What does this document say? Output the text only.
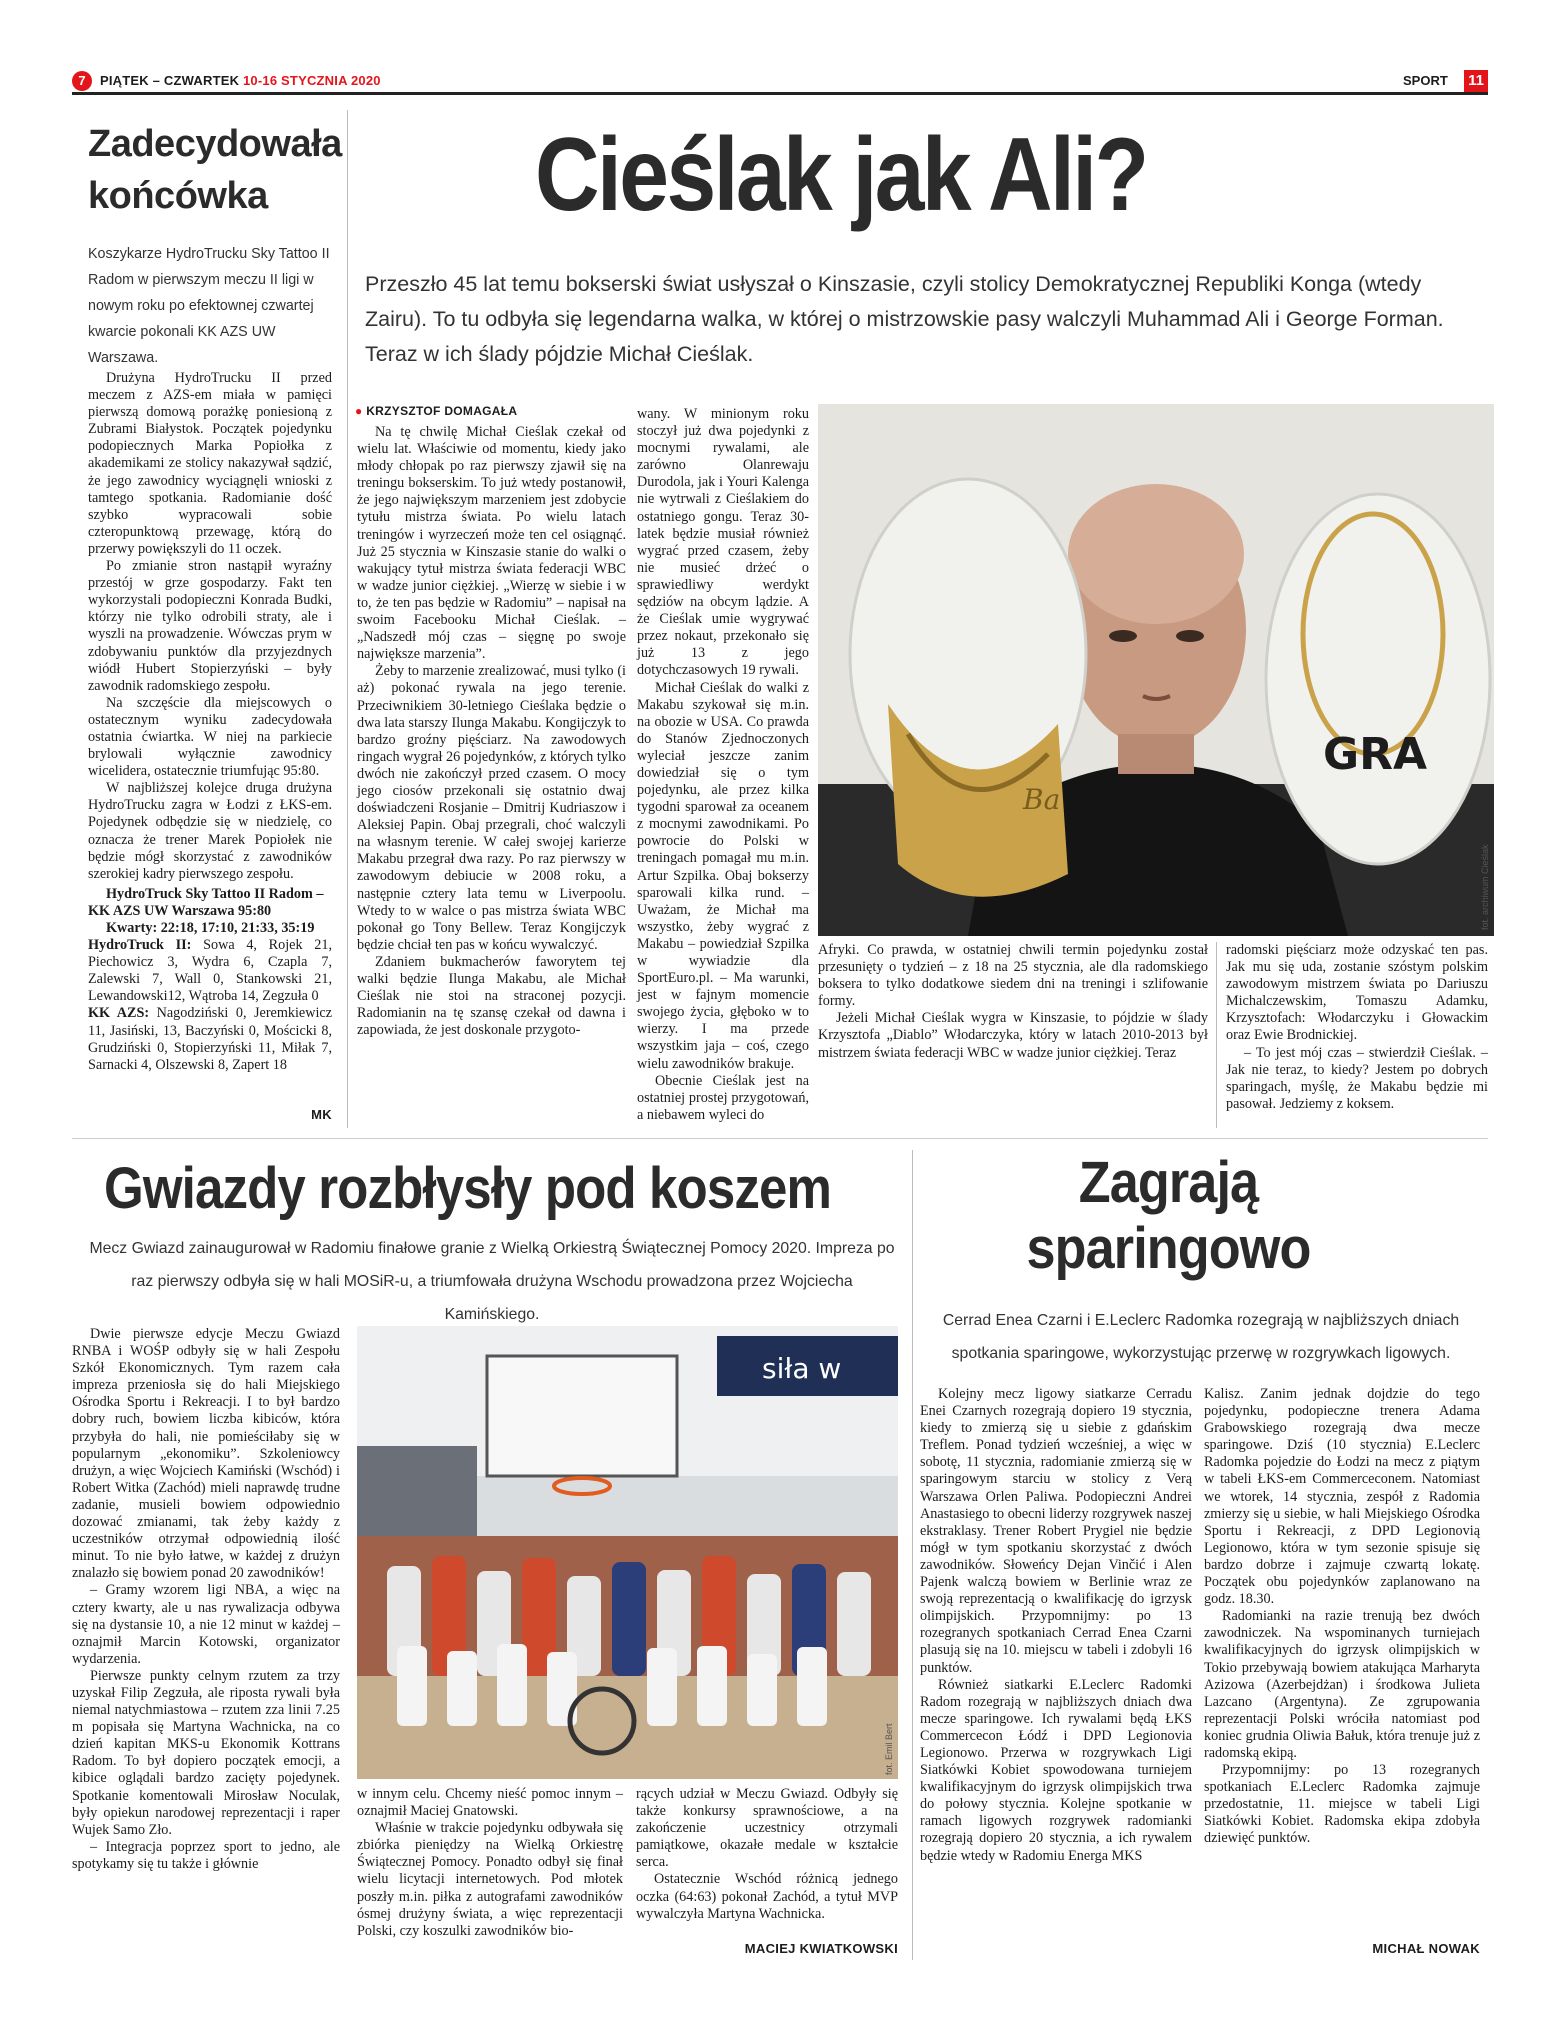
7	PIĄTEK – CZWARTEK 10-16 STYCZNIA 2020	SPORT 11
Zadecydowała końcówka
Koszykarze HydroTrucku Sky Tattoo II Radom w pierwszym meczu II ligi w nowym roku po efektownej czwartej kwarcie pokonali KK AZS UW Warszawa.

Drużyna HydroTrucku II przed meczem z AZS-em miała w pamięci pierwszą domową porażkę poniesioną z Zubrami Białystok. Początek pojedynku podopiecznych Marka Popiołka z akademikami ze stolicy nakazywał sądzić, że jego zawodnicy wyciągnęli wnioski z tamtego spotkania. Radomianie dość szybko wypracowali sobie czteropunktową przewagę, którą do przerwy powiększyli do 11 oczek.

Po zmianie stron nastąpił wyraźny przestój w grze gospodarzy. Fakt ten wykorzystali podopieczni Konrada Budki, którzy nie tylko odrobili straty, ale i wyszli na prowadzenie. Wówczas prym w zdobywaniu punktów dla przyjezdnych wiódł Hubert Stopierzyński – były zawodnik radomskiego zespołu.

Na szczęście dla miejscowych o ostatecznym wyniku zadecydowała ostatnia ćwiartka. W niej na parkiecie brylowali wyłącznie zawodnicy wicelidera, ostatecznie triumfując 95:80.

W najbliższej kolejce druga drużyna HydroTrucku zagra w Łodzi z ŁKS-em. Pojedynek odbędzie się w niedzielę, co oznacza że trener Marek Popiołek nie będzie mógł skorzystać z zawodników szerokiej kadry pierwszego zespołu.

HydroTruck Sky Tattoo II Radom – KK AZS UW Warszawa 95:80

Kwarty: 22:18, 17:10, 21:33, 35:19

HydroTruck II: Sowa 4, Rojek 21, Piechowicz 3, Wydra 6, Czapla 7, Zalewski 7, Wall 0, Stankowski 21, Lewandowski12, Wątroba 14, Zegzuła 0

KK AZS: Nagodziński 0, Jeremkiewicz 11, Jasiński, 13, Baczyński 0, Mościcki 8, Grudziński 0, Stopierzyński 11, Miłak 7, Sarnacki 4, Olszewski 8, Zapert 18

MK
Cieślak jak Ali?
Przeszło 45 lat temu bokserski świat usłyszał o Kinszasie, czyli stolicy Demokratycznej Republiki Konga (wtedy Zairu). To tu odbyła się legendarna walka, w której o mistrzowskie pasy walczyli Muhammad Ali i George Forman. Teraz w ich ślady pójdzie Michał Cieślak.
● KRZYSZTOF DOMAGAŁA

Na tę chwilę Michał Cieślak czekał od wielu lat. Właściwie od momentu, kiedy jako młody chłopak po raz pierwszy zjawił się na treningu bokserskim. To już wtedy postanowił, że jego największym marzeniem jest zdobycie tytułu mistrza świata. Po wielu latach treningów i wyrzeczeń może ten cel osiągnąć. Już 25 stycznia w Kinszasie stanie do walki o wakujący tytuł mistrza świata federacji WBC w wadze junior ciężkiej. „Wierzę w siebie i w to, że ten pas będzie w Radomiu” – napisał na swoim Facebooku Michał Cieślak. – „Nadszedł mój czas – sięgnę po swoje największe marzenia”.

Żeby to marzenie zrealizować, musi tylko (i aż) pokonać rywala na jego terenie. Przeciwnikiem 30-letniego Cieślaka będzie o dwa lata starszy Ilunga Makabu. Kongijczyk to bardzo groźny pięściarz. Na zawodowych ringach wygrał 26 pojedynków, z których tylko dwóch nie zakończył przed czasem. O mocy jego ciosów przekonali się ostatnio dwaj doświadczeni Rosjanie – Dmitrij Kudriaszow i Aleksiej Papin. Obaj przegrali, choć walczyli na własnym terenie. W całej swojej karierze Makabu przegrał dwa razy. Po raz pierwszy w zawodowym debiucie w 2008 roku, a następnie cztery lata temu w Liverpoolu. Wtedy to w walce o pas mistrza świata WBC pokonał go Tony Bellew. Teraz Kongijczyk będzie chciał ten pas w końcu wywalczyć.

Zdaniem bukmacherów faworytem tej walki będzie Ilunga Makabu, ale Michał Cieślak nie stoi na straconej pozycji. Radomianin na tę szansę czekał od dawna i zapowiada, że jest doskonale przygoto-

wany. W minionym roku stoczył już dwa pojedynki z mocnymi rywalami, ale zarówno Olanrewaju Durodola, jak i Youri Kalenga nie wytrwali z Cieślakiem do ostatniego gongu. Teraz 30-latek będzie musiał również wygrać przed czasem, żeby nie musieć drżeć o sprawiedliwy werdykt sędziów na obcym lądzie. A że Cieślak umie wygrywać przez nokaut, przekonało się już 13 z jego dotychczasowych 19 rywali.

Michał Cieślak do walki z Makabu szykował się m.in. na obozie w USA. Co prawda do Stanów Zjednoczonych wyleciał jeszcze zanim dowiedział się o tym pojedynku, ale przez kilka tygodni sparował za oceanem z mocnymi zawodnikami. Po powrocie do Polski w treningach pomagał mu m.in. Artur Szpilka. Obaj bokserzy sparowali kilka rund. – Uważam, że Michał ma wszystko, żeby wygrać z Makabu – powiedział Szpilka w wywiadzie dla SportEuro.pl. – Ma warunki, jest w fajnym momencie swojego życia, głęboko w to wierzy. I ma przede wszystkim jaja – coś, czego wielu zawodników brakuje.

Obecnie Cieślak jest na ostatniej prostej przygotowań, a niebawem wyleci do

Afryki. Co prawda, w ostatniej chwili termin pojedynku został przesunięty o tydzień – z 18 na 25 stycznia, ale dla radomskiego boksera to tylko dodatkowe siedem dni na treningi i szlifowanie formy.

Jeżeli Michał Cieślak wygra w Kinszasie, to pójdzie w ślady Krzysztofa „Diablo” Włodarczyka, który w latach 2010-2013 był mistrzem świata federacji WBC w wadze junior ciężkiej. Teraz

radomski pięściarz może odzyskać ten pas. Jak mu się uda, zostanie szóstym polskim zawodowym mistrzem świata po Dariuszu Michalczewskim, Tomaszu Adamku, Krzysztofach: Włodarczyku i Głowackim oraz Ewie Brodnickiej.

– To jest mój czas – stwierdził Cieślak. – Jak nie teraz, to kiedy? Jestem po dobrych sparingach, myślę, że Makabu będzie mi pasował. Jedziemy z koksem.

Ba
GRA
fot. archiwum Cieślak
Gwiazdy rozbłysły pod koszem
Mecz Gwiazd zainaugurował w Radomiu finałowe granie z Wielką Orkiestrą Świątecznej Pomocy 2020. Impreza po raz pierwszy odbyła się w hali MOSiR-u, a triumfowała drużyna Wschodu prowadzona przez Wojciecha Kamińskiego.

Dwie pierwsze edycje Meczu Gwiazd RNBA i WOŚP odbyły się w hali Zespołu Szkół Ekonomicznych. Tym razem cała impreza przeniosła się do hali Miejskiego Ośrodka Sportu i Rekreacji. I to był bardzo dobry ruch, bowiem liczba kibiców, która przybyła do hali, nie pomieściłaby się w popularnym „ekonomiku”. Szkoleniowcy drużyn, a więc Wojciech Kamiński (Wschód) i Robert Witka (Zachód) mieli naprawdę trudne zadanie, musieli bowiem odpowiednio dozować zmianami, tak żeby każdy z uczestników otrzymał odpowiednią ilość minut. To nie było łatwe, w każdej z drużyn znalazło się bowiem ponad 20 zawodników!

– Gramy wzorem ligi NBA, a więc na cztery kwarty, ale u nas rywalizacja odbywa się na dystansie 10, a nie 12 minut w każdej – oznajmił Marcin Kotowski, organizator wydarzenia.

Pierwsze punkty celnym rzutem za trzy uzyskał Filip Zegzuła, ale riposta rywali była niemal natychmiastowa – rzutem zza linii 7.25 m popisała się Martyna Wachnicka, na co dzień kapitan MKS-u Ekonomik Kottrans Radom. To był dopiero początek emocji, a kibice oglądali bardzo zacięty pojedynek. Spotkanie komentowali Mirosław Noculak, były opiekun narodowej reprezentacji i raper Wujek Samo Zło.

– Integracja poprzez sport to jedno, ale spotykamy się tu także i głównie

siła w
fot. Emil Bert

w innym celu. Chcemy nieść pomoc innym – oznajmił Maciej Gnatowski.

Właśnie w trakcie pojedynku odbywała się zbiórka pieniędzy na Wielką Orkiestrę Świątecznej Pomocy. Ponadto odbył się finał wielu licytacji internetowych. Pod młotek poszły m.in. piłka z autografami zawodników ósmej drużyny świata, a więc reprezentacji Polski, czy koszulki zawodników bio-

rących udział w Meczu Gwiazd. Odbyły się także konkursy sprawnościowe, a na zakończenie uczestnicy otrzymali pamiątkowe, okazałe medale w kształcie serca.

Ostatecznie Wschód różnicą jednego oczka (64:63) pokonał Zachód, a tytuł MVP wywalczyła Martyna Wachnicka.

MACIEJ KWIATKOWSKI
Zagrają sparingowo
Cerrad Enea Czarni i E.Leclerc Radomka rozegrają w najbliższych dniach spotkania sparingowe, wykorzystując przerwę w rozgrywkach ligowych.

Kolejny mecz ligowy siatkarze Cerradu Enei Czarnych rozegrają dopiero 19 stycznia, kiedy to zmierzą się u siebie z gdańskim Treflem. Ponad tydzień wcześniej, a więc w sobotę, 11 stycznia, radomianie zmierzą się w sparingowym starciu w stolicy z Verą Warszawa Orlen Paliwa. Podopieczni Andrei Anastasiego to obecni liderzy rozgrywek naszej ekstraklasy. Trener Robert Prygiel nie będzie mógł w tym spotkaniu skorzystać z dwóch zawodników. Słoweńcy Dejan Vinčić i Alen Pajenk walczą bowiem w Berlinie wraz ze swoją reprezentacją o kwalifikację do igrzysk olimpijskich. Przypomnijmy: po 13 rozegranych spotkaniach Cerrad Enea Czarni plasują się na 10. miejscu w tabeli i zdobyli 16 punktów.

Również siatkarki E.Leclerc Radomki Radom rozegrają w najbliższych dniach dwa mecze sparingowe. Ich rywalami będą ŁKS Commercecon Łódź i DPD Legionovia Legionowo. Przerwa w rozgrywkach Ligi Siatkówki Kobiet spowodowana turniejem kwalifikacyjnym do igrzysk olimpijskich trwa do połowy stycznia. Kolejne spotkanie w ramach ligowych rozgrywek radomianki rozegrają dopiero 20 stycznia, a ich rywalem będzie wtedy w Radomiu Energa MKS

Kalisz. Zanim jednak dojdzie do tego pojedynku, podopieczne trenera Adama Grabowskiego rozegrają dwa mecze sparingowe. Dziś (10 stycznia) E.Leclerc Radomka pojedzie do Łodzi na mecz z piątym w tabeli ŁKS-em Commerceconem. Natomiast we wtorek, 14 stycznia, zespół z Radomia zmierzy się u siebie, w hali Miejskiego Ośrodka Sportu i Rekreacji, z DPD Legionovią Legionowo, która w tym sezonie spisuje się bardzo dobrze i zajmuje czwartą lokatę. Początek obu pojedynków zaplanowano na godz. 18.30.

Radomianki na razie trenują bez dwóch zawodniczek. Na wspominanych turniejach kwalifikacyjnych do igrzysk olimpijskich w Tokio przebywają bowiem atakująca Marharyta Azizowa (Azerbejdżan) i środkowa Julieta Lazcano (Argentyna). Ze zgrupowania reprezentacji Polski wróciła natomiast pod koniec grudnia Oliwia Bałuk, która trenuje już z radomską ekipą.

Przypomnijmy: po 13 rozegranych spotkaniach E.Leclerc Radomka zajmuje przedostatnie, 11. miejsce w tabeli Ligi Siatkówki Kobiet. Radomska ekipa zdobyła dziewięć punktów.

MICHAŁ NOWAK
